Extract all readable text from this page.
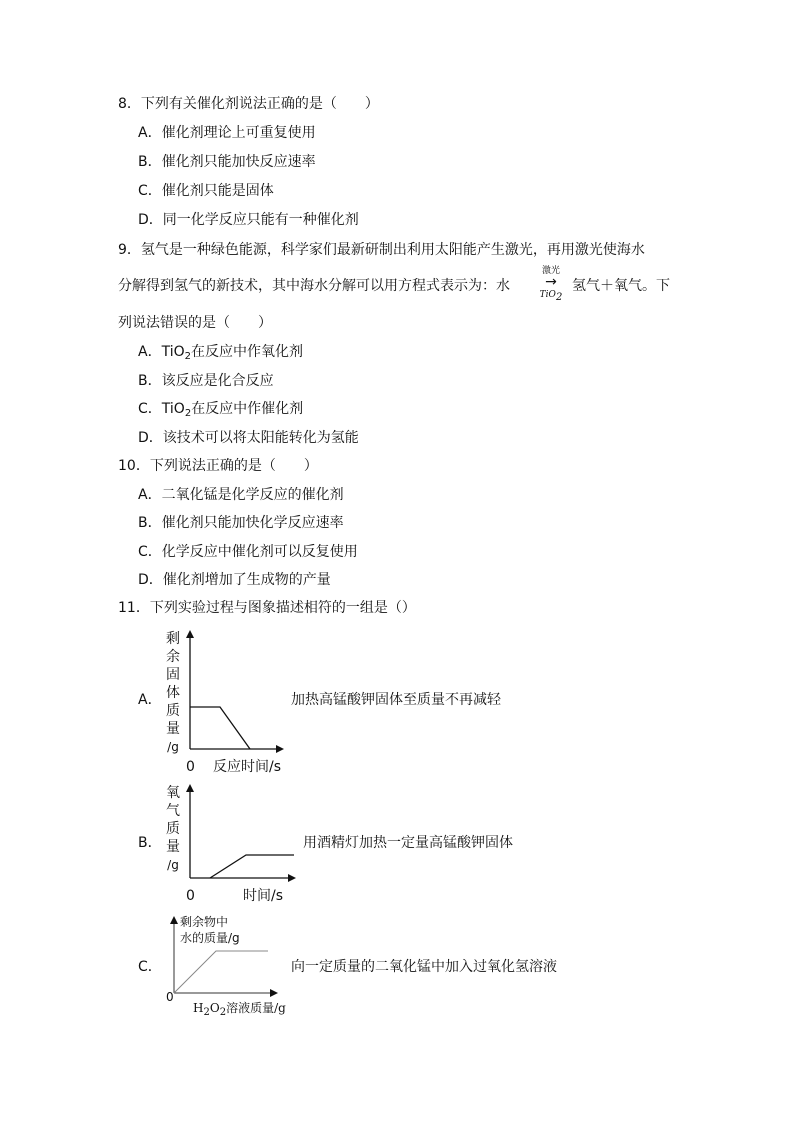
8．下列有关催化剂说法正确的是（　　）
A．催化剂理论上可重复使用
B．催化剂只能加快反应速率
C．催化剂只能是固体
D．同一化学反应只能有一种催化剂
9．氢气是一种绿色能源，科学家们最新研制出利用太阳能产生激光，再用激光使海水
分解得到氢气的新技术，其中海水分解可以用方程式表示为：水
激光
→
TiO$_2$
氢气＋氧气。下
列说法错误的是（　　）
A．TiO$_2$在反应中作氧化剂
B．该反应是化合反应
C．TiO$_2$在反应中作催化剂
D．该技术可以将太阳能转化为氢能
10．下列说法正确的是（　　）
A．二氧化锰是化学反应的催化剂
B．催化剂只能加快化学反应速率
C．化学反应中催化剂可以反复使用
D．催化剂增加了生成物的产量
11．下列实验过程与图象描述相符的一组是（）
A．
剩
余
固
体
质
量
/g
0 反应时间/s
加热高锰酸钾固体至质量不再减轻
B．
氧
气
质
量
/g
0	时间/s
用酒精灯加热一定量高锰酸钾固体
C．
剩余物中
水的质量/g
0
$H_2O_2$溶液质量/g
向一定质量的二氧化锰中加入过氧化氢溶液
